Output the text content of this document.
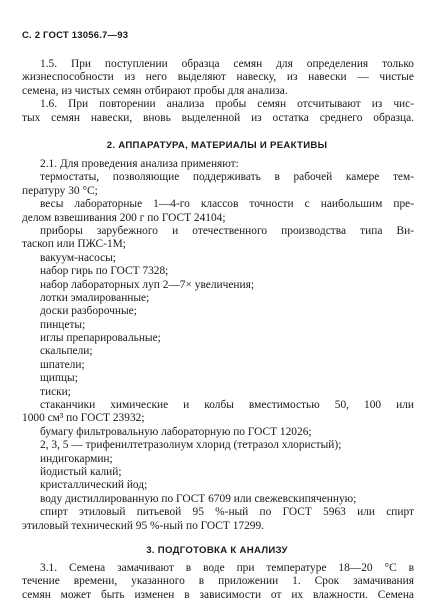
С. 2 ГОСТ 13056.7—93
1.5. При поступлении образца семян для определения только
жизнеспособности из него выделяют навеску, из навески — чистые
семена, из чистых семян отбирают пробы для анализа.
1.6. При повторении анализа пробы семян отсчитывают из чис-
тых семян навески, вновь выделенной из остатка среднего образца.
2. АППАРАТУРА, МАТЕРИАЛЫ И РЕАКТИВЫ
2.1. Для проведения анализа применяют:
термостаты, позволяющие поддерживать в рабочей камере тем-
пературу 30 °С;
весы лабораторные 1—4-го классов точности с наибольшим пре-
делом взвешивания 200 г по ГОСТ 24104;
приборы зарубежного и отечественного производства типа Ви-
тaскоп или ПЖС-1М;
вакуум-насосы;
набор гирь по ГОСТ 7328;
набор лабораторных луп 2—7× увеличения;
лотки эмалированные;
доски разборочные;
пинцеты;
иглы препарировальные;
скальпели;
шпатели;
щипцы;
тиски;
стаканчики химические и колбы вместимостью 50, 100 или
1000 см³ по ГОСТ 23932;
бумагу фильтровальную лабораторную по ГОСТ 12026;
2, 3, 5 — трифенилтетразолиум хлорид (тетразол хлористый);
индигокармин;
йодистый калий;
кристаллический йод;
воду дистиллированную по ГОСТ 6709 или свежевскипяченную;
спирт этиловый питьевой 95 %-ный по ГОСТ 5963 или спирт
этиловый технический 95 %-ный по ГОСТ 17299.
3. ПОДГОТОВКА К АНАЛИЗУ
3.1. Семена замачивают в воде при температуре 18—20 °С в
течение времени, указанного в приложении 1. Срок замачивания
семян может быть изменен в зависимости от их влажности. Семена
